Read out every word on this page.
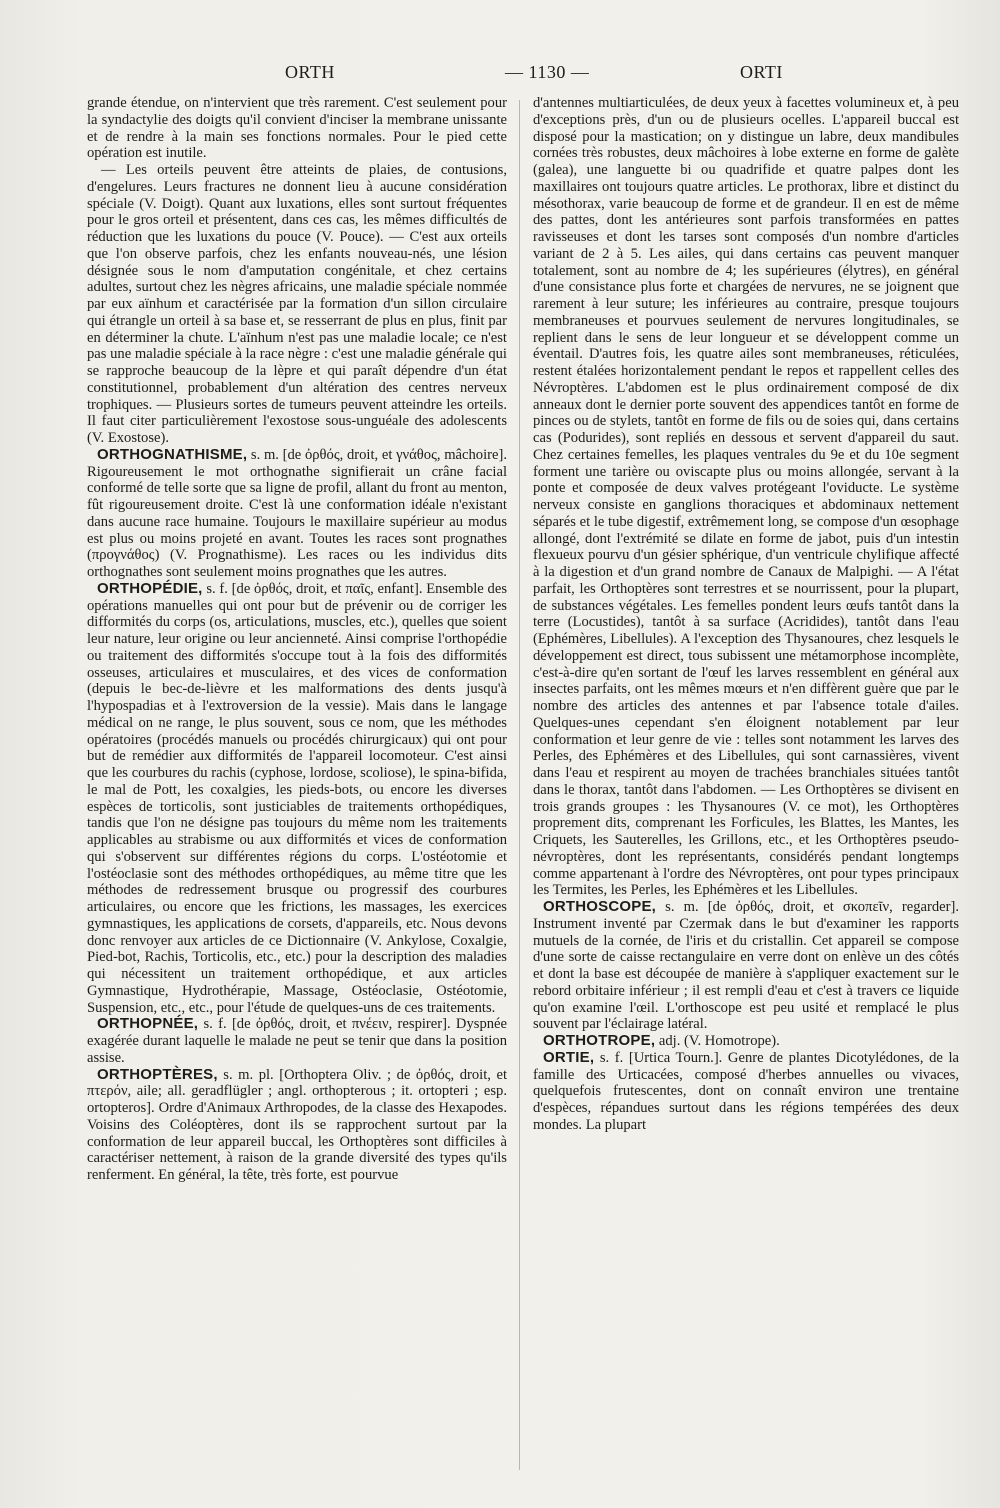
ORTH	— 1130 —	ORTI

grande étendue, on n'intervient que très rarement. C'est seulement pour la syndactylie des doigts qu'il convient d'inciser la membrane unissante et de rendre à la main ses fonctions normales. Pour le pied cette opération est inutile.

— Les orteils peuvent être atteints de plaies, de contusions, d'engelures. Leurs fractures ne donnent lieu à aucune considération spéciale (V. Doigt). Quant aux luxations, elles sont surtout fréquentes pour le gros orteil et présentent, dans ces cas, les mêmes difficultés de réduction que les luxations du pouce (V. Pouce). — C'est aux orteils que l'on observe parfois, chez les enfants nouveau-nés, une lésion désignée sous le nom d'amputation congénitale, et chez certains adultes, surtout chez les nègres africains, une maladie spéciale nommée par eux aïnhum et caractérisée par la formation d'un sillon circulaire qui étrangle un orteil à sa base et, se resserrant de plus en plus, finit par en déterminer la chute. L'aïnhum n'est pas une maladie locale; ce n'est pas une maladie spéciale à la race nègre : c'est une maladie générale qui se rapproche beaucoup de la lèpre et qui paraît dépendre d'un état constitutionnel, probablement d'un altération des centres nerveux trophiques. — Plusieurs sortes de tumeurs peuvent atteindre les orteils. Il faut citer particulièrement l'exostose sous-unguéale des adolescents (V. Exostose).

ORTHOGNATHISME, s. m. [de ὀρθός, droit, et γνάθος, mâchoire]. Rigoureusement le mot orthognathe signifierait un crâne facial conformé de telle sorte que sa ligne de profil, allant du front au menton, fût rigoureusement droite. C'est là une conformation idéale n'existant dans aucune race humaine. Toujours le maxillaire supérieur au modus est plus ou moins projeté en avant. Toutes les races sont prognathes (προγνάθος) (V. Prognathisme). Les races ou les individus dits orthognathes sont seulement moins prognathes que les autres.

ORTHOPÉDIE, s. f. [de ὀρθός, droit, et παῖς, enfant]. Ensemble des opérations manuelles qui ont pour but de prévenir ou de corriger les difformités du corps (os, articulations, muscles, etc.), quelles que soient leur nature, leur origine ou leur ancienneté. Ainsi comprise l'orthopédie ou traitement des difformités s'occupe tout à la fois des difformités osseuses, articulaires et musculaires, et des vices de conformation (depuis le bec-de-lièvre et les malformations des dents jusqu'à l'hypospadias et à l'extroversion de la vessie). Mais dans le langage médical on ne range, le plus souvent, sous ce nom, que les méthodes opératoires (procédés manuels ou procédés chirurgicaux) qui ont pour but de remédier aux difformités de l'appareil locomoteur. C'est ainsi que les courbures du rachis (cyphose, lordose, scoliose), le spina-bifida, le mal de Pott, les coxalgies, les pieds-bots, ou encore les diverses espèces de torticolis, sont justiciables de traitements orthopédiques, tandis que l'on ne désigne pas toujours du même nom les traitements applicables au strabisme ou aux difformités et vices de conformation qui s'observent sur différentes régions du corps. L'ostéotomie et l'ostéoclasie sont des méthodes orthopédiques, au même titre que les méthodes de redressement brusque ou progressif des courbures articulaires, ou encore que les frictions, les massages, les exercices gymnastiques, les applications de corsets, d'appareils, etc. Nous devons donc renvoyer aux articles de ce Dictionnaire (V. Ankylose, Coxalgie, Pied-bot, Rachis, Torticolis, etc., etc.) pour la description des maladies qui nécessitent un traitement orthopédique, et aux articles Gymnastique, Hydrothérapie, Massage, Ostéoclasie, Ostéotomie, Suspension, etc., etc., pour l'étude de quelques-uns de ces traitements.

ORTHOPNÉE, s. f. [de ὀρθός, droit, et πνέειν, respirer]. Dyspnée exagérée durant laquelle le malade ne peut se tenir que dans la position assise.

ORTHOPTÈRES, s. m. pl. [Orthoptera Oliv. ; de ὀρθός, droit, et πτερόν, aile; all. geradflügler ; angl. orthopterous ; it. ortopteri ; esp. ortopteros]. Ordre d'Animaux Arthropodes, de la classe des Hexapodes. Voisins des Coléoptères, dont ils se rapprochent surtout par la conformation de leur appareil buccal, les Orthoptères sont difficiles à caractériser nettement, à raison de la grande diversité des types qu'ils renferment. En général, la tête, très forte, est pourvue

d'antennes multiarticulées, de deux yeux à facettes volumineux et, à peu d'exceptions près, d'un ou de plusieurs ocelles. L'appareil buccal est disposé pour la mastication; on y distingue un labre, deux mandibules cornées très robustes, deux mâchoires à lobe externe en forme de galète (galea), une languette bi ou quadrifide et quatre palpes dont les maxillaires ont toujours quatre articles. Le prothorax, libre et distinct du mésothorax, varie beaucoup de forme et de grandeur. Il en est de même des pattes, dont les antérieures sont parfois transformées en pattes ravisseuses et dont les tarses sont composés d'un nombre d'articles variant de 2 à 5. Les ailes, qui dans certains cas peuvent manquer totalement, sont au nombre de 4; les supérieures (élytres), en général d'une consistance plus forte et chargées de nervures, ne se joignent que rarement à leur suture; les inférieures au contraire, presque toujours membraneuses et pourvues seulement de nervures longitudinales, se replient dans le sens de leur longueur et se développent comme un éventail. D'autres fois, les quatre ailes sont membraneuses, réticulées, restent étalées horizontalement pendant le repos et rappellent celles des Névroptères. L'abdomen est le plus ordinairement composé de dix anneaux dont le dernier porte souvent des appendices tantôt en forme de pinces ou de stylets, tantôt en forme de fils ou de soies qui, dans certains cas (Podurides), sont repliés en dessous et servent d'appareil du saut. Chez certaines femelles, les plaques ventrales du 9e et du 10e segment forment une tarière ou oviscapte plus ou moins allongée, servant à la ponte et composée de deux valves protégeant l'oviducte. Le système nerveux consiste en ganglions thoraciques et abdominaux nettement séparés et le tube digestif, extrêmement long, se compose d'un œsophage allongé, dont l'extrémité se dilate en forme de jabot, puis d'un intestin flexueux pourvu d'un gésier sphérique, d'un ventricule chylifique affecté à la digestion et d'un grand nombre de Canaux de Malpighi. — A l'état parfait, les Orthoptères sont terrestres et se nourrissent, pour la plupart, de substances végétales. Les femelles pondent leurs œufs tantôt dans la terre (Locustides), tantôt à sa surface (Acridides), tantôt dans l'eau (Ephémères, Libellules). A l'exception des Thysanoures, chez lesquels le développement est direct, tous subissent une métamorphose incomplète, c'est-à-dire qu'en sortant de l'œuf les larves ressemblent en général aux insectes parfaits, ont les mêmes mœurs et n'en diffèrent guère que par le nombre des articles des antennes et par l'absence totale d'ailes. Quelques-unes cependant s'en éloignent notablement par leur conformation et leur genre de vie : telles sont notamment les larves des Perles, des Ephémères et des Libellules, qui sont carnassières, vivent dans l'eau et respirent au moyen de trachées branchiales situées tantôt dans le thorax, tantôt dans l'abdomen. — Les Orthoptères se divisent en trois grands groupes : les Thysanoures (V. ce mot), les Orthoptères proprement dits, comprenant les Forficules, les Blattes, les Mantes, les Criquets, les Sauterelles, les Grillons, etc., et les Orthoptères pseudo-névroptères, dont les représentants, considérés pendant longtemps comme appartenant à l'ordre des Névroptères, ont pour types principaux les Termites, les Perles, les Ephémères et les Libellules.

ORTHOSCOPE, s. m. [de ὀρθός, droit, et σκοπεῖν, regarder]. Instrument inventé par Czermak dans le but d'examiner les rapports mutuels de la cornée, de l'iris et du cristallin. Cet appareil se compose d'une sorte de caisse rectangulaire en verre dont on enlève un des côtés et dont la base est découpée de manière à s'appliquer exactement sur le rebord orbitaire inférieur ; il est rempli d'eau et c'est à travers ce liquide qu'on examine l'œil. L'orthoscope est peu usité et remplacé le plus souvent par l'éclairage latéral.

ORTHOTROPE, adj. (V. Homotrope).

ORTIE, s. f. [Urtica Tourn.]. Genre de plantes Dicotylédones, de la famille des Urticacées, composé d'herbes annuelles ou vivaces, quelquefois frutescentes, dont on connaît environ une trentaine d'espèces, répandues surtout dans les régions tempérées des deux mondes. La plupart
